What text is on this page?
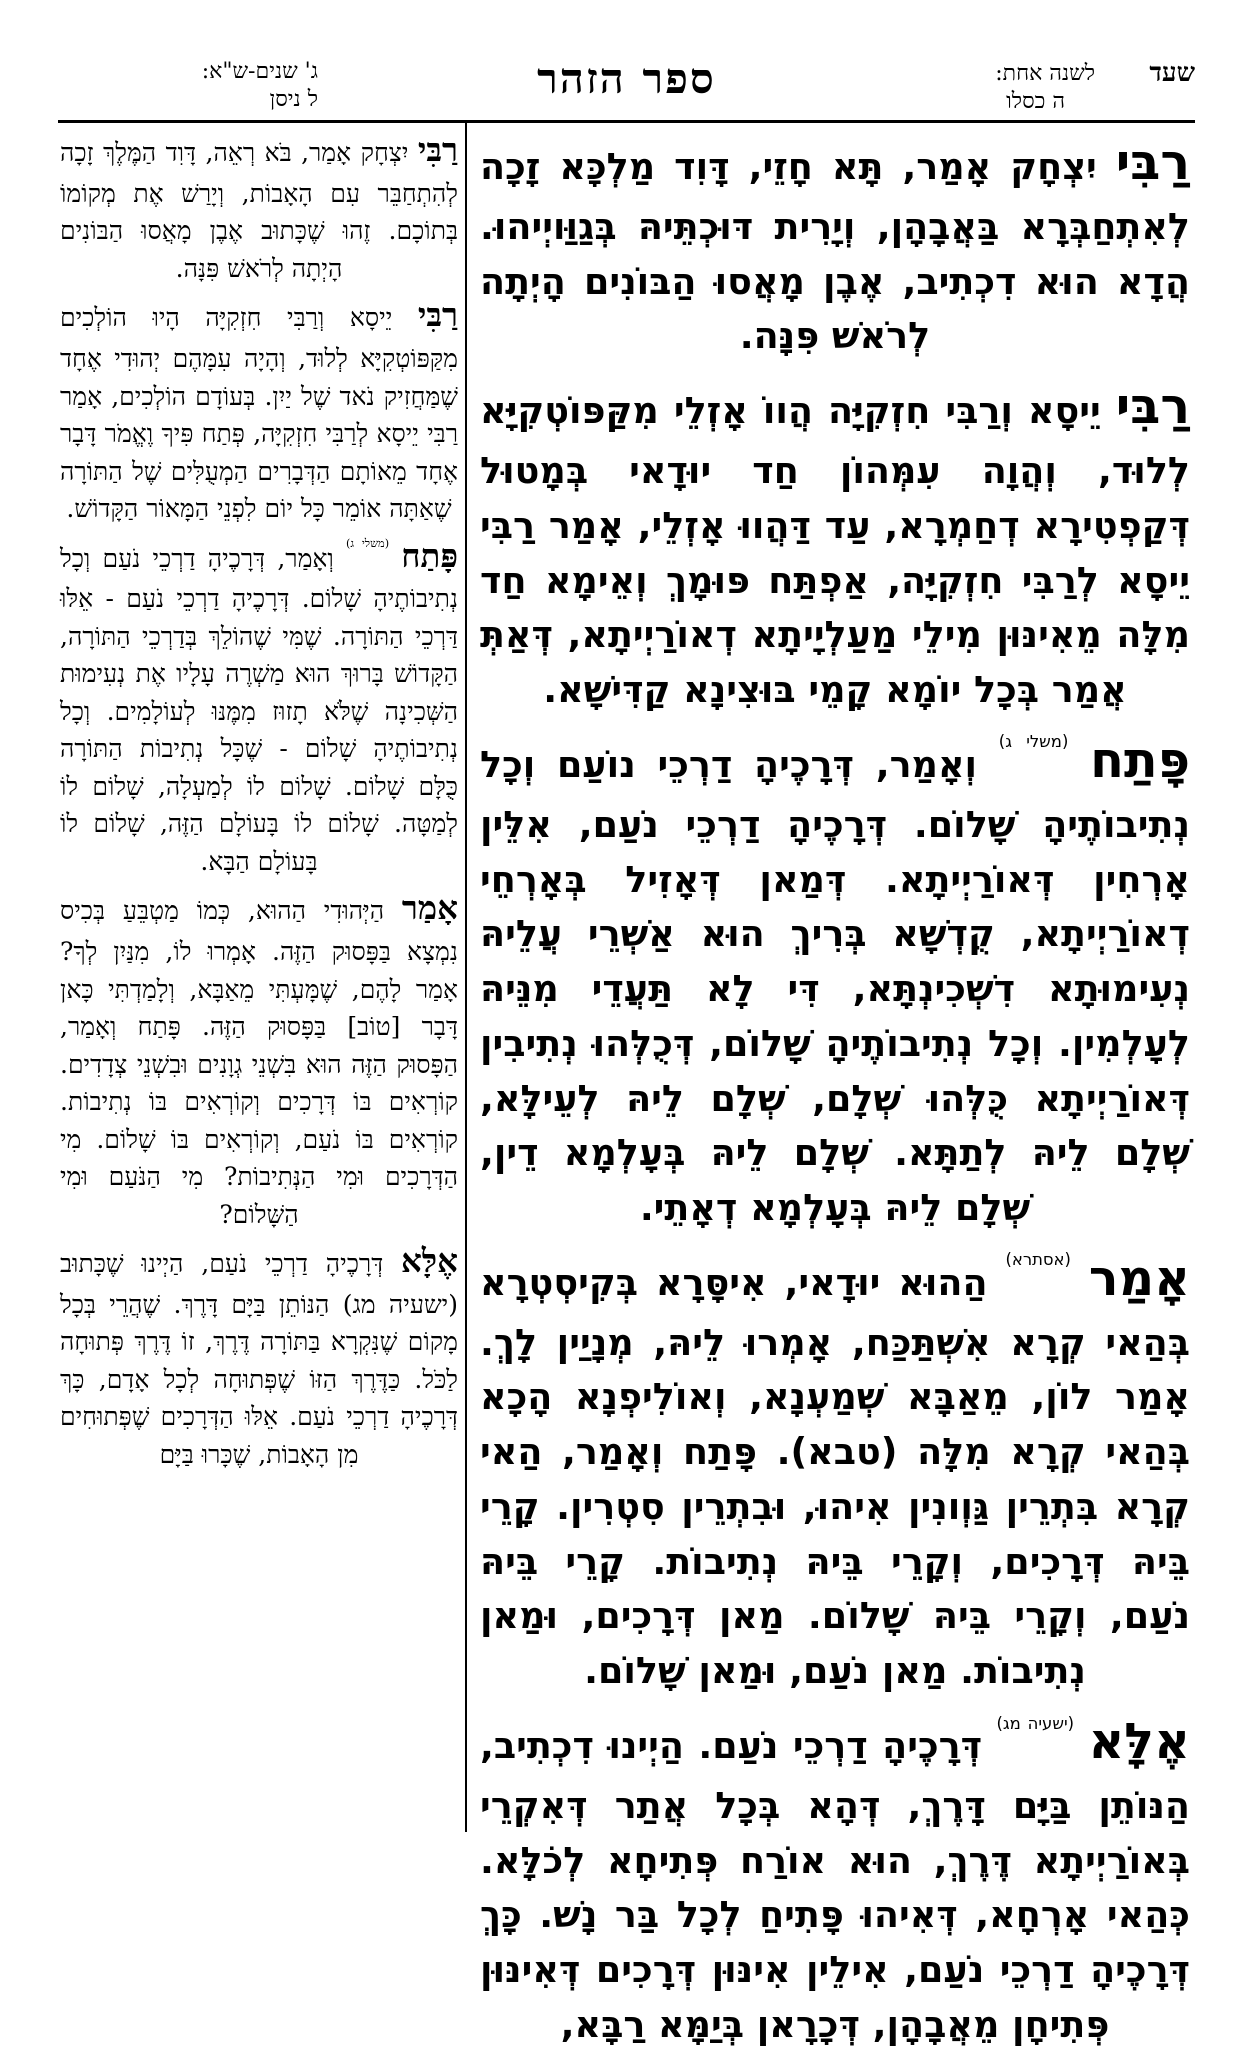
שעד
לשנה אחת:
ה כסלו
ספר הזהר
ג' שנים-ש"א:
ל ניסן

רַבִּי יִצְחָק אָמַר, תָּא חָזֵי, דָּוִד מַלְכָּא זָכָה לְאִתְחַבְּרָא בַּאֲבָהָן, וְיָרִית דּוּכְתֵּיהּ בְּגַוַּויְיהוּ. הֲדָא הוּא דִכְתִיב, אֶבֶן מָאֲסוּ הַבּוֹנִים הָיְתָה לְרֹאשׁ פִּנָּה.

רַבִּי יֵיסָא וְרַבִּי חִזְקִיָּה הֲווֹ אָזְלֵי מִקַּפּוֹטְקִיָּא לְלוּד, וְהֲוָה עִמְּהוֹן חַד יוּדָאי בְּמָטוּל דְּקַפְטִירָא דְחַמְרָא, עַד דַּהֲווּ אָזְלֵי, אָמַר רַבִּי יֵיסָא לְרַבִּי חִזְקִיָּה, אַפְתַּח פּוּמָךְ וְאֵימָא חַד מִלָּה מֵאִינּוּן מִילֵי מַעַלְיָיתָא דְאוֹרַיְיתָא, דְּאַתְּ אֲמַר בְּכָל יוֹמָא קָמֵי בּוּצִינָא קַדִּישָׁא.

פָּתַח $^{(משלי ג)}$ וְאָמַר, דְּרָכֶיהָ דַרְכֵי נוֹעַם וְכָל נְתִיבוֹתֶיהָ שָׁלוֹם. דְּרָכֶיהָ דַרְכֵי נֹעַם, אִלֵּין אָרְחִין דְּאוֹרַיְיתָא. דְּמַאן דְּאָזִיל בְּאָרְחֵי דְאוֹרַיְיתָא, קֻדְשָׁא בְּרִיךְ הוּא אַשְׁרֵי עֲלֵיהּ נְעִימוּתָא דִשְׁכִינְתָּא, דִּי לָא תַּעֲדֵי מִנֵּיהּ לְעָלְמִין. וְכָל נְתִיבוֹתֶיהָ שָׁלוֹם, דְּכֻלְּהוּ נְתִיבִין דְּאוֹרַיְיתָא כֻּלְּהוּ שְׁלָם, שְׁלָם לֵיהּ לְעֵילָּא, שְׁלָם לֵיהּ לְתַתָּא. שְׁלָם לֵיהּ בְּעָלְמָא דֵין, שְׁלָם לֵיהּ בְּעָלְמָא דְאָתֵי.

אָמַר $^{(אסתרא)}$ הַהוּא יוּדָאי, אִיסָּרָא בְּקִיסְטְרָא בְּהַאי קְרָא אִשְׁתַּכַּח, אָמְרוּ לֵיהּ, מְנָיַין לָךְ. אָמַר לוֹן, מֵאַבָּא שְׁמַעְנָא, וְאוֹלִיפְנָא הָכָא בְּהַאי קְרָא מִלָּה (טבא). פָּתַח וְאָמַר, הַאי קְרָא בִּתְרֵין גַּוְונִין אִיהוּ, וּבִתְרֵין סִטְרִין. קָרֵי בֵּיהּ דְּרָכִים, וְקָרֵי בֵּיהּ נְתִיבוֹת. קָרֵי בֵּיהּ נֹעַם, וְקָרֵי בֵּיהּ שָׁלוֹם. מַאן דְּרָכִים, וּמַאן נְתִיבוֹת. מַאן נֹעַם, וּמַאן שָׁלוֹם.

אֶלָּא $^{(ישעיה מג)}$ דְּרָכֶיהָ דַרְכֵי נֹעַם. הַיְינוּ דִכְתִיב, הַנּוֹתֵן בַּיָּם דָּרֶךְ, דְּהָא בְּכָל אֲתַר דְּאִקְרֵי בְּאוֹרַיְיתָא דֶּרֶךְ, הוּא אוֹרַח פְּתִיחָא לְכֹלָּא. כְּהַאי אָרְחָא, דְּאִיהוּ פָּתִיחַ לְכָל בַּר נָשׁ. כָּךְ דְּרָכֶיהָ דַרְכֵי נֹעַם, אִילֵין אִינּוּן דְּרָכִים דְּאִינּוּן פְּתִיחָן מֵאֲבָהָן, דְּכָרָאן בְּיַמָּא רַבָּא,

רַבִּי יִצְחָק אָמַר, בֹּא רְאֵה, דָּוִד הַמֶּלֶךְ זָכָה לְהִתְחַבֵּר עִם הָאָבוֹת, וְיָרַשׁ אֶת מְקוֹמוֹ בְּתוֹכָם. זֶהוּ שֶׁכָּתוּב אֶבֶן מָאֲסוּ הַבּוֹנִים הָיְתָה לְרֹאשׁ פִּנָּה.

רַבִּי יֵיסָא וְרַבִּי חִזְקִיָּה הָיוּ הוֹלְכִים מִקַּפּוֹטְקִיָּא לְלוּד, וְהָיָה עִמָּהֶם יְהוּדִי אֶחָד שֶׁמַּחֲזִיק נֹאד שֶׁל יַיִן. בְּעוֹדָם הוֹלְכִים, אָמַר רַבִּי יֵיסָא לְרַבִּי חִזְקִיָּה, פְּתַח פִּיךָ וֶאֱמֹר דָּבָר אֶחָד מֵאוֹתָם הַדְּבָרִים הַמְעֻלִּים שֶׁל הַתּוֹרָה שֶׁאַתָּה אוֹמֵר כָּל יוֹם לִפְנֵי הַמָּאוֹר הַקָּדוֹשׁ.

פָּתַח $^{(משלי ג)}$ וְאָמַר, דְּרָכֶיהָ דַרְכֵי נֹעַם וְכָל נְתִיבוֹתֶיהָ שָׁלוֹם. דְּרָכֶיהָ דַרְכֵי נֹעַם - אֵלּוּ דַּרְכֵי הַתּוֹרָה. שֶׁמִּי שֶׁהוֹלֵךְ בְּדַרְכֵי הַתּוֹרָה, הַקָּדוֹשׁ בָּרוּךְ הוּא מַשְׁרֶה עָלָיו אֶת נְעִימוּת הַשְּׁכִינָה שֶׁלֹּא תָזוּז מִמֶּנּוּ לְעוֹלָמִים. וְכָל נְתִיבוֹתֶיהָ שָׁלוֹם - שֶׁכָּל נְתִיבוֹת הַתּוֹרָה כֻּלָּם שָׁלוֹם. שָׁלוֹם לוֹ לְמַעְלָה, שָׁלוֹם לוֹ לְמַטָּה. שָׁלוֹם לוֹ בָּעוֹלָם הַזֶּה, שָׁלוֹם לוֹ בָּעוֹלָם הַבָּא.

אָמַר הַיְּהוּדִי הַהוּא, כְּמוֹ מַטְבֵּעַ בְּכִיס נִמְצָא בַּפָּסוּק הַזֶּה. אָמְרוּ לוֹ, מִנַּיִן לְךָ? אָמַר לָהֶם, שֶׁמָּעְתִּי מֵאַבָּא, וְלָמַדְתִּי כָּאן דָּבָר [טוֹב] בַּפָּסוּק הַזֶּה. פָּתַח וְאָמַר, הַפָּסוּק הַזֶּה הוּא בִּשְׁנֵי גְוָנִים וּבִשְׁנֵי צְדָדִים. קוֹרְאִים בּוֹ דְּרָכִים וְקוֹרְאִים בּוֹ נְתִיבוֹת. קוֹרְאִים בּוֹ נֹעַם, וְקוֹרְאִים בּוֹ שָׁלוֹם. מִי הַדְּרָכִים וּמִי הַנְּתִיבוֹת? מִי הַנֹּעַם וּמִי הַשָּׁלוֹם?

אֶלָּא דְּרָכֶיהָ דַרְכֵי נֹעַם, הַיְינוּ שֶׁכָּתוּב (ישעיה מג) הַנּוֹתֵן בַּיָּם דָּרֶךְ. שֶׁהֲרֵי בְּכָל מָקוֹם שֶׁנִּקְרָא בַּתּוֹרָה דֶּרֶךְ, זוֹ דֶּרֶךְ פְּתוּחָה לַכֹּל. כַּדֶּרֶךְ הַזּוֹ שֶׁפְּתוּחָה לְכָל אָדָם, כָּךְ דְּרָכֶיהָ דַרְכֵי נֹעַם. אֵלּוּ הַדְּרָכִים שֶׁפְּתוּחִים מִן הָאָבוֹת, שֶׁכָּרוּ בַּיָּם
